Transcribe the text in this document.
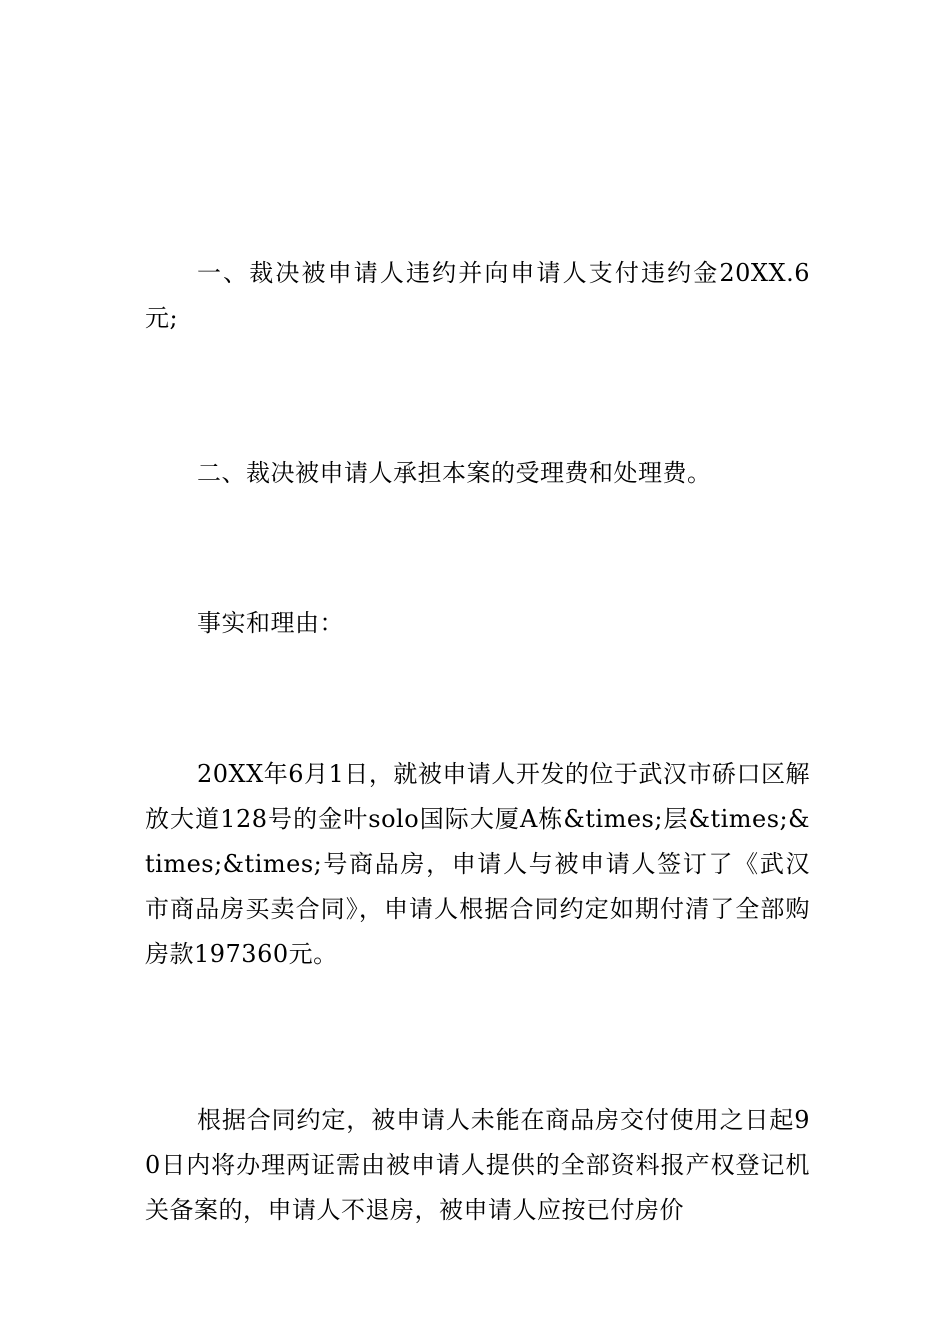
一、裁决被申请人违约并向申请人支付违约金20XX.6元;

二、裁决被申请人承担本案的受理费和处理费。

事实和理由：

20XX年6月1日，就被申请人开发的位于武汉市硚口区解放大道128号的金叶solo国际大厦A栋&times;层&times;&times;&times;号商品房，申请人与被申请人签订了《武汉市商品房买卖合同》，申请人根据合同约定如期付清了全部购房款197360元。

根据合同约定，被申请人未能在商品房交付使用之日起90日内将办理两证需由被申请人提供的全部资料报产权登记机关备案的，申请人不退房，被申请人应按已付房价
